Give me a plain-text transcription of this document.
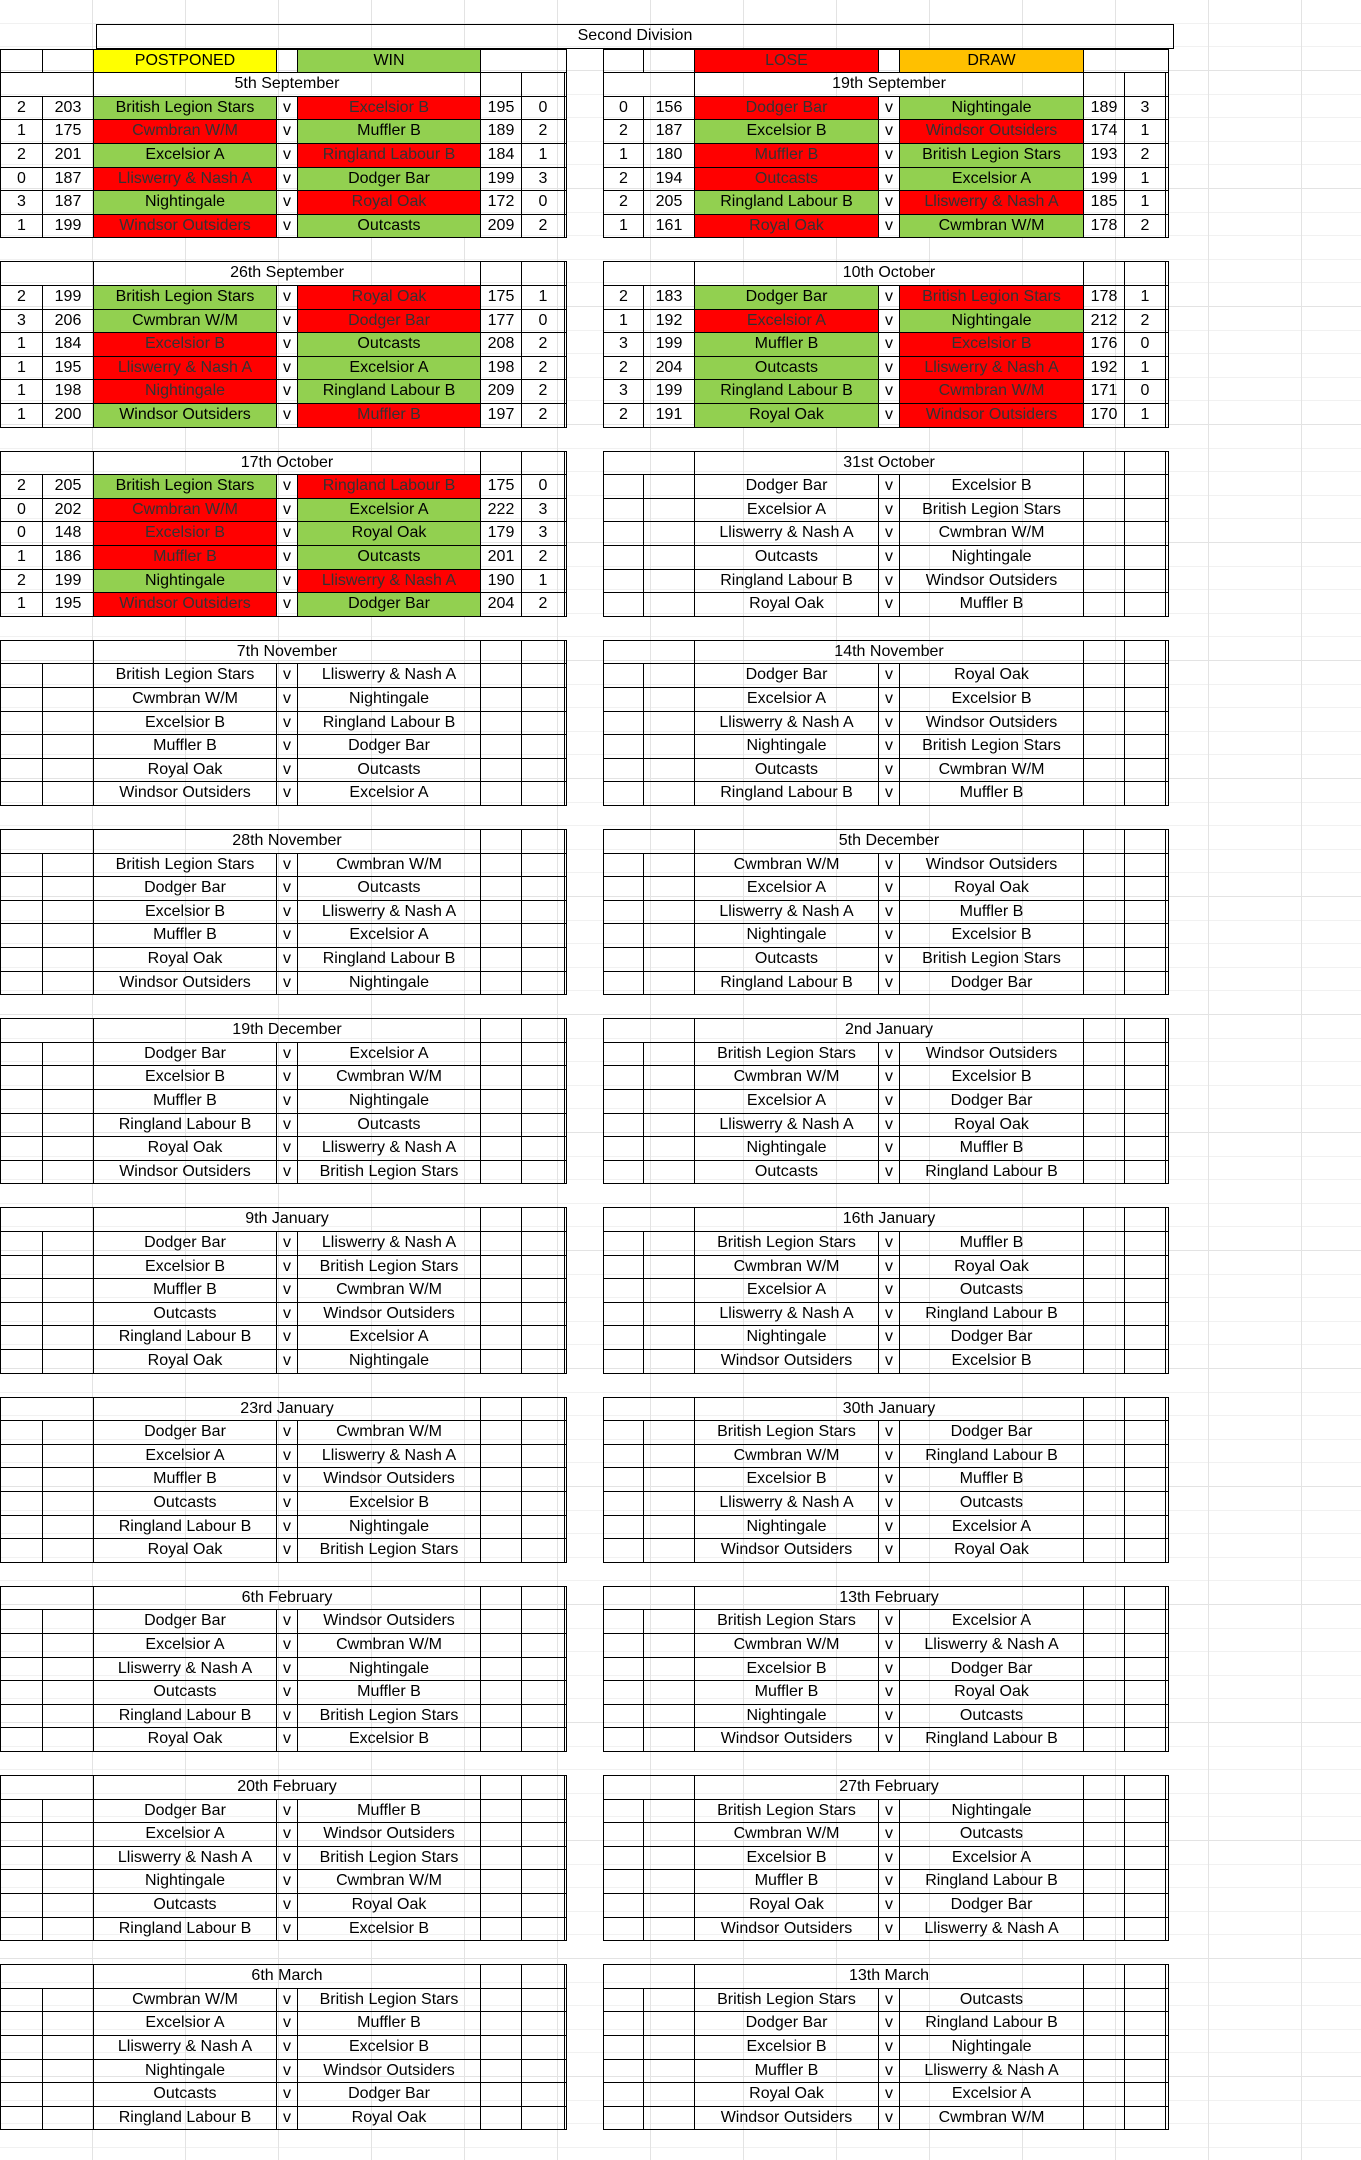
Second Division
POSTPONED	WIN	LOSE	DRAW
5th September
2	203	British Legion Stars	v	Excelsior B	195	0
1	175	Cwmbran W/M	v	Muffler B	189	2
2	201	Excelsior A	v	Ringland Labour B	184	1
0	187	Lliswerry & Nash A	v	Dodger Bar	199	3
3	187	Nightingale	v	Royal Oak	172	0
1	199	Windsor Outsiders	v	Outcasts	209	2
19th September
0	156	Dodger Bar	v	Nightingale	189	3
2	187	Excelsior B	v	Windsor Outsiders	174	1
1	180	Muffler B	v	British Legion Stars	193	2
2	194	Outcasts	v	Excelsior A	199	1
2	205	Ringland Labour B	v	Lliswerry & Nash A	185	1
1	161	Royal Oak	v	Cwmbran W/M	178	2
26th September
2	199	British Legion Stars	v	Royal Oak	175	1
3	206	Cwmbran W/M	v	Dodger Bar	177	0
1	184	Excelsior B	v	Outcasts	208	2
1	195	Lliswerry & Nash A	v	Excelsior A	198	2
1	198	Nightingale	v	Ringland Labour B	209	2
1	200	Windsor Outsiders	v	Muffler B	197	2
10th October
2	183	Dodger Bar	v	British Legion Stars	178	1
1	192	Excelsior A	v	Nightingale	212	2
3	199	Muffler B	v	Excelsior B	176	0
2	204	Outcasts	v	Lliswerry & Nash A	192	1
3	199	Ringland Labour B	v	Cwmbran W/M	171	0
2	191	Royal Oak	v	Windsor Outsiders	170	1
17th October
2	205	British Legion Stars	v	Ringland Labour B	175	0
0	202	Cwmbran W/M	v	Excelsior A	222	3
0	148	Excelsior B	v	Royal Oak	179	3
1	186	Muffler B	v	Outcasts	201	2
2	199	Nightingale	v	Lliswerry & Nash A	190	1
1	195	Windsor Outsiders	v	Dodger Bar	204	2
31st October
Dodger Bar	v	Excelsior B
Excelsior A	v	British Legion Stars
Lliswerry & Nash A	v	Cwmbran W/M
Outcasts	v	Nightingale
Ringland Labour B	v	Windsor Outsiders
Royal Oak	v	Muffler B
7th November
British Legion Stars	v	Lliswerry & Nash A
Cwmbran W/M	v	Nightingale
Excelsior B	v	Ringland Labour B
Muffler B	v	Dodger Bar
Royal Oak	v	Outcasts
Windsor Outsiders	v	Excelsior A
14th November
Dodger Bar	v	Royal Oak
Excelsior A	v	Excelsior B
Lliswerry & Nash A	v	Windsor Outsiders
Nightingale	v	British Legion Stars
Outcasts	v	Cwmbran W/M
Ringland Labour B	v	Muffler B
28th November
British Legion Stars	v	Cwmbran W/M
Dodger Bar	v	Outcasts
Excelsior B	v	Lliswerry & Nash A
Muffler B	v	Excelsior A
Royal Oak	v	Ringland Labour B
Windsor Outsiders	v	Nightingale
5th December
Cwmbran W/M	v	Windsor Outsiders
Excelsior A	v	Royal Oak
Lliswerry & Nash A	v	Muffler B
Nightingale	v	Excelsior B
Outcasts	v	British Legion Stars
Ringland Labour B	v	Dodger Bar
19th December
Dodger Bar	v	Excelsior A
Excelsior B	v	Cwmbran W/M
Muffler B	v	Nightingale
Ringland Labour B	v	Outcasts
Royal Oak	v	Lliswerry & Nash A
Windsor Outsiders	v	British Legion Stars
2nd January
British Legion Stars	v	Windsor Outsiders
Cwmbran W/M	v	Excelsior B
Excelsior A	v	Dodger Bar
Lliswerry & Nash A	v	Royal Oak
Nightingale	v	Muffler B
Outcasts	v	Ringland Labour B
9th January
Dodger Bar	v	Lliswerry & Nash A
Excelsior B	v	British Legion Stars
Muffler B	v	Cwmbran W/M
Outcasts	v	Windsor Outsiders
Ringland Labour B	v	Excelsior A
Royal Oak	v	Nightingale
16th January
British Legion Stars	v	Muffler B
Cwmbran W/M	v	Royal Oak
Excelsior A	v	Outcasts
Lliswerry & Nash A	v	Ringland Labour B
Nightingale	v	Dodger Bar
Windsor Outsiders	v	Excelsior B
23rd January
Dodger Bar	v	Cwmbran W/M
Excelsior A	v	Lliswerry & Nash A
Muffler B	v	Windsor Outsiders
Outcasts	v	Excelsior B
Ringland Labour B	v	Nightingale
Royal Oak	v	British Legion Stars
30th January
British Legion Stars	v	Dodger Bar
Cwmbran W/M	v	Ringland Labour B
Excelsior B	v	Muffler B
Lliswerry & Nash A	v	Outcasts
Nightingale	v	Excelsior A
Windsor Outsiders	v	Royal Oak
6th February
Dodger Bar	v	Windsor Outsiders
Excelsior A	v	Cwmbran W/M
Lliswerry & Nash A	v	Nightingale
Outcasts	v	Muffler B
Ringland Labour B	v	British Legion Stars
Royal Oak	v	Excelsior B
13th February
British Legion Stars	v	Excelsior A
Cwmbran W/M	v	Lliswerry & Nash A
Excelsior B	v	Dodger Bar
Muffler B	v	Royal Oak
Nightingale	v	Outcasts
Windsor Outsiders	v	Ringland Labour B
20th February
Dodger Bar	v	Muffler B
Excelsior A	v	Windsor Outsiders
Lliswerry & Nash A	v	British Legion Stars
Nightingale	v	Cwmbran W/M
Outcasts	v	Royal Oak
Ringland Labour B	v	Excelsior B
27th February
British Legion Stars	v	Nightingale
Cwmbran W/M	v	Outcasts
Excelsior B	v	Excelsior A
Muffler B	v	Ringland Labour B
Royal Oak	v	Dodger Bar
Windsor Outsiders	v	Lliswerry & Nash A
6th March
Cwmbran W/M	v	British Legion Stars
Excelsior A	v	Muffler B
Lliswerry & Nash A	v	Excelsior B
Nightingale	v	Windsor Outsiders
Outcasts	v	Dodger Bar
Ringland Labour B	v	Royal Oak
13th March
British Legion Stars	v	Outcasts
Dodger Bar	v	Ringland Labour B
Excelsior B	v	Nightingale
Muffler B	v	Lliswerry & Nash A
Royal Oak	v	Excelsior A
Windsor Outsiders	v	Cwmbran W/M
